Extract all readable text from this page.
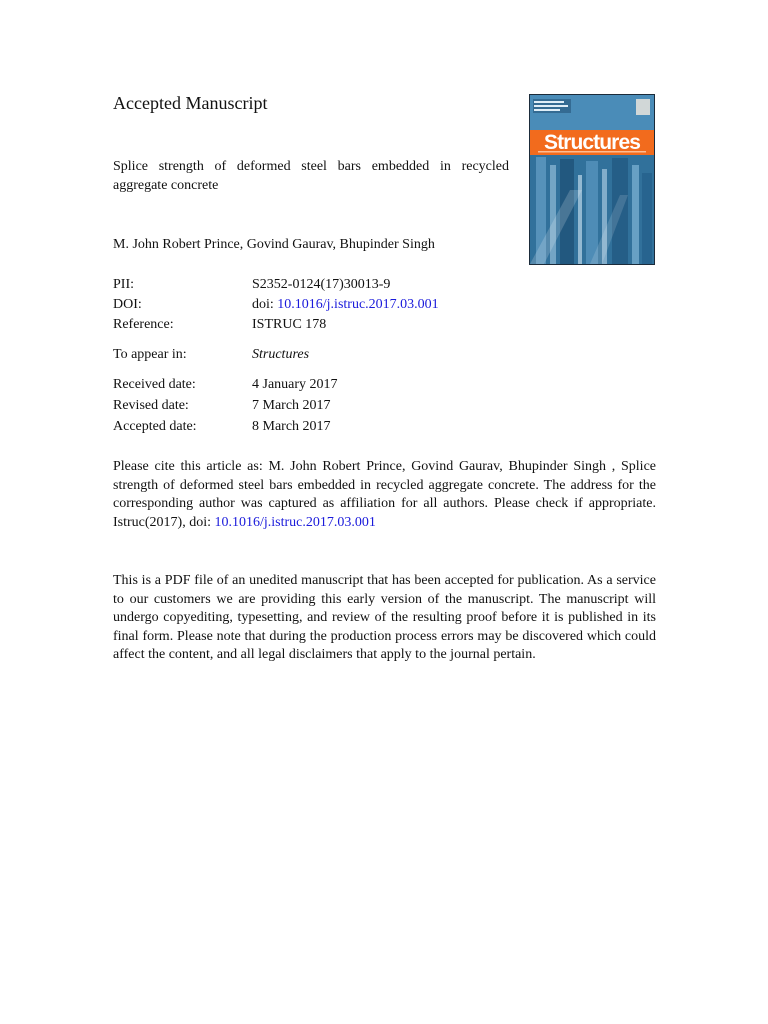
Accepted Manuscript
Splice strength of deformed steel bars embedded in recycled aggregate concrete
M. John Robert Prince, Govind Gaurav, Bhupinder Singh
PII:	S2352-0124(17)30013-9
DOI:	doi: 10.1016/j.istruc.2017.03.001
Reference:	ISTRUC 178
To appear in:	Structures
Received date:	4 January 2017
Revised date:	7 March 2017
Accepted date:	8 March 2017
Please cite this article as: M. John Robert Prince, Govind Gaurav, Bhupinder Singh , Splice strength of deformed steel bars embedded in recycled aggregate concrete. The address for the corresponding author was captured as affiliation for all authors. Please check if appropriate. Istruc(2017), doi: 10.1016/j.istruc.2017.03.001
This is a PDF file of an unedited manuscript that has been accepted for publication. As a service to our customers we are providing this early version of the manuscript. The manuscript will undergo copyediting, typesetting, and review of the resulting proof before it is published in its final form. Please note that during the production process errors may be discovered which could affect the content, and all legal disclaimers that apply to the journal pertain.
Structures
